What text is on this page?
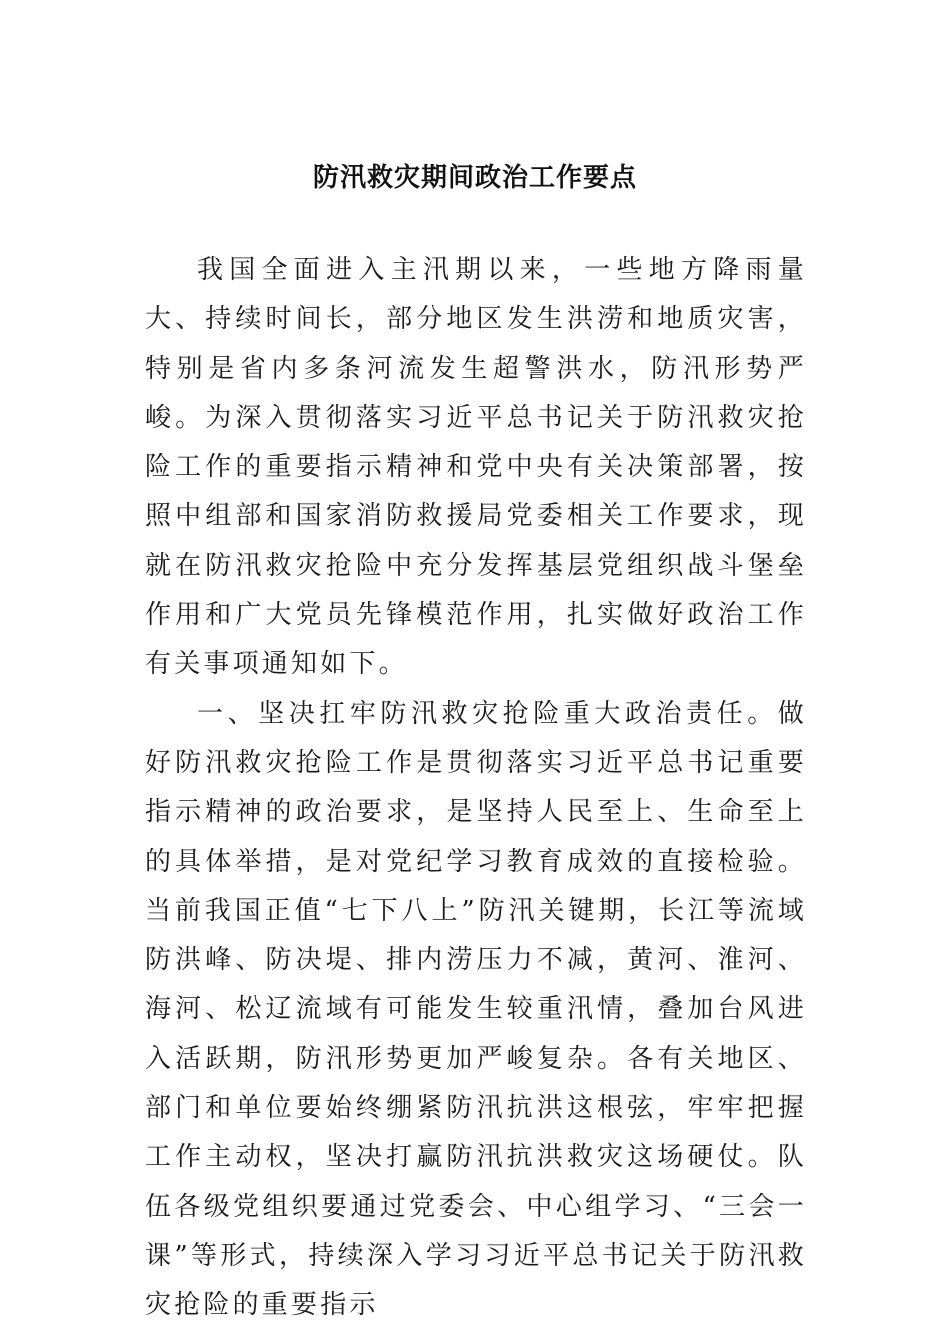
防汛救灾期间政治工作要点

我国全面进入主汛期以来，一些地方降雨量大、持续时间长，部分地区发生洪涝和地质灾害，特别是省内多条河流发生超警洪水，防汛形势严峻。为深入贯彻落实习近平总书记关于防汛救灾抢险工作的重要指示精神和党中央有关决策部署，按照中组部和国家消防救援局党委相关工作要求，现就在防汛救灾抢险中充分发挥基层党组织战斗堡垒作用和广大党员先锋模范作用，扎实做好政治工作有关事项通知如下。

一、坚决扛牢防汛救灾抢险重大政治责任。做好防汛救灾抢险工作是贯彻落实习近平总书记重要指示精神的政治要求，是坚持人民至上、生命至上的具体举措，是对党纪学习教育成效的直接检验。当前我国正值“七下八上”防汛关键期，长江等流域防洪峰、防决堤、排内涝压力不减，黄河、淮河、海河、松辽流域有可能发生较重汛情，叠加台风进入活跃期，防汛形势更加严峻复杂。各有关地区、部门和单位要始终绷紧防汛抗洪这根弦，牢牢把握工作主动权，坚决打赢防汛抗洪救灾这场硬仗。队伍各级党组织要通过党委会、中心组学习、“三会一课”等形式，持续深入学习习近平总书记关于防汛救灾抢险的重要指示
